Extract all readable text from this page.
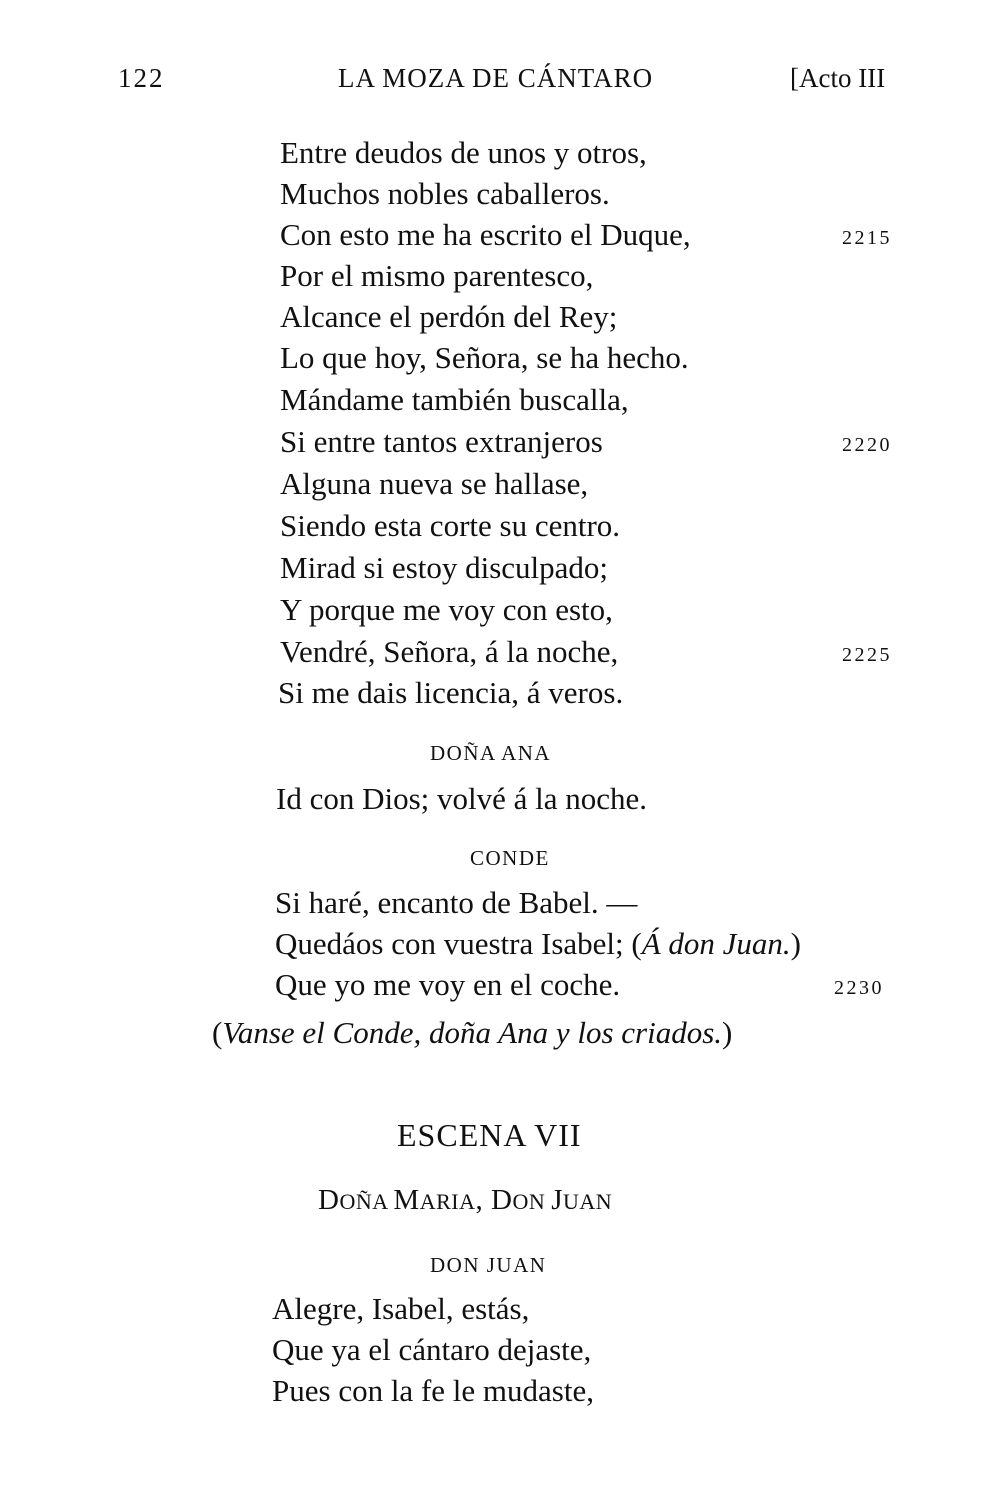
122	LA MOZA DE CÁNTARO	[Acto III
Entre deudos de unos y otros,
Muchos nobles caballeros.
Con esto me ha escrito el Duque,	2215
Por el mismo parentesco,
Alcance el perdón del Rey;
Lo que hoy, Señora, se ha hecho.
Mándame también buscalla,
Si entre tantos extranjeros	2220
Alguna nueva se hallase,
Siendo esta corte su centro.
Mirad si estoy disculpado;
Y porque me voy con esto,
Vendré, Señora, á la noche,	2225
Si me dais licencia, á veros.
DOÑA ANA
Id con Dios; volvé á la noche.
CONDE
Si haré, encanto de Babel. —
Quedáos con vuestra Isabel; (Á don Juan.)
Que yo me voy en el coche.	2230
(Vanse el Conde, doña Ana y los criados.)
ESCENA VII
DOÑA MARIA, DON JUAN
DON JUAN
Alegre, Isabel, estás,
Que ya el cántaro dejaste,
Pues con la fe le mudaste,
